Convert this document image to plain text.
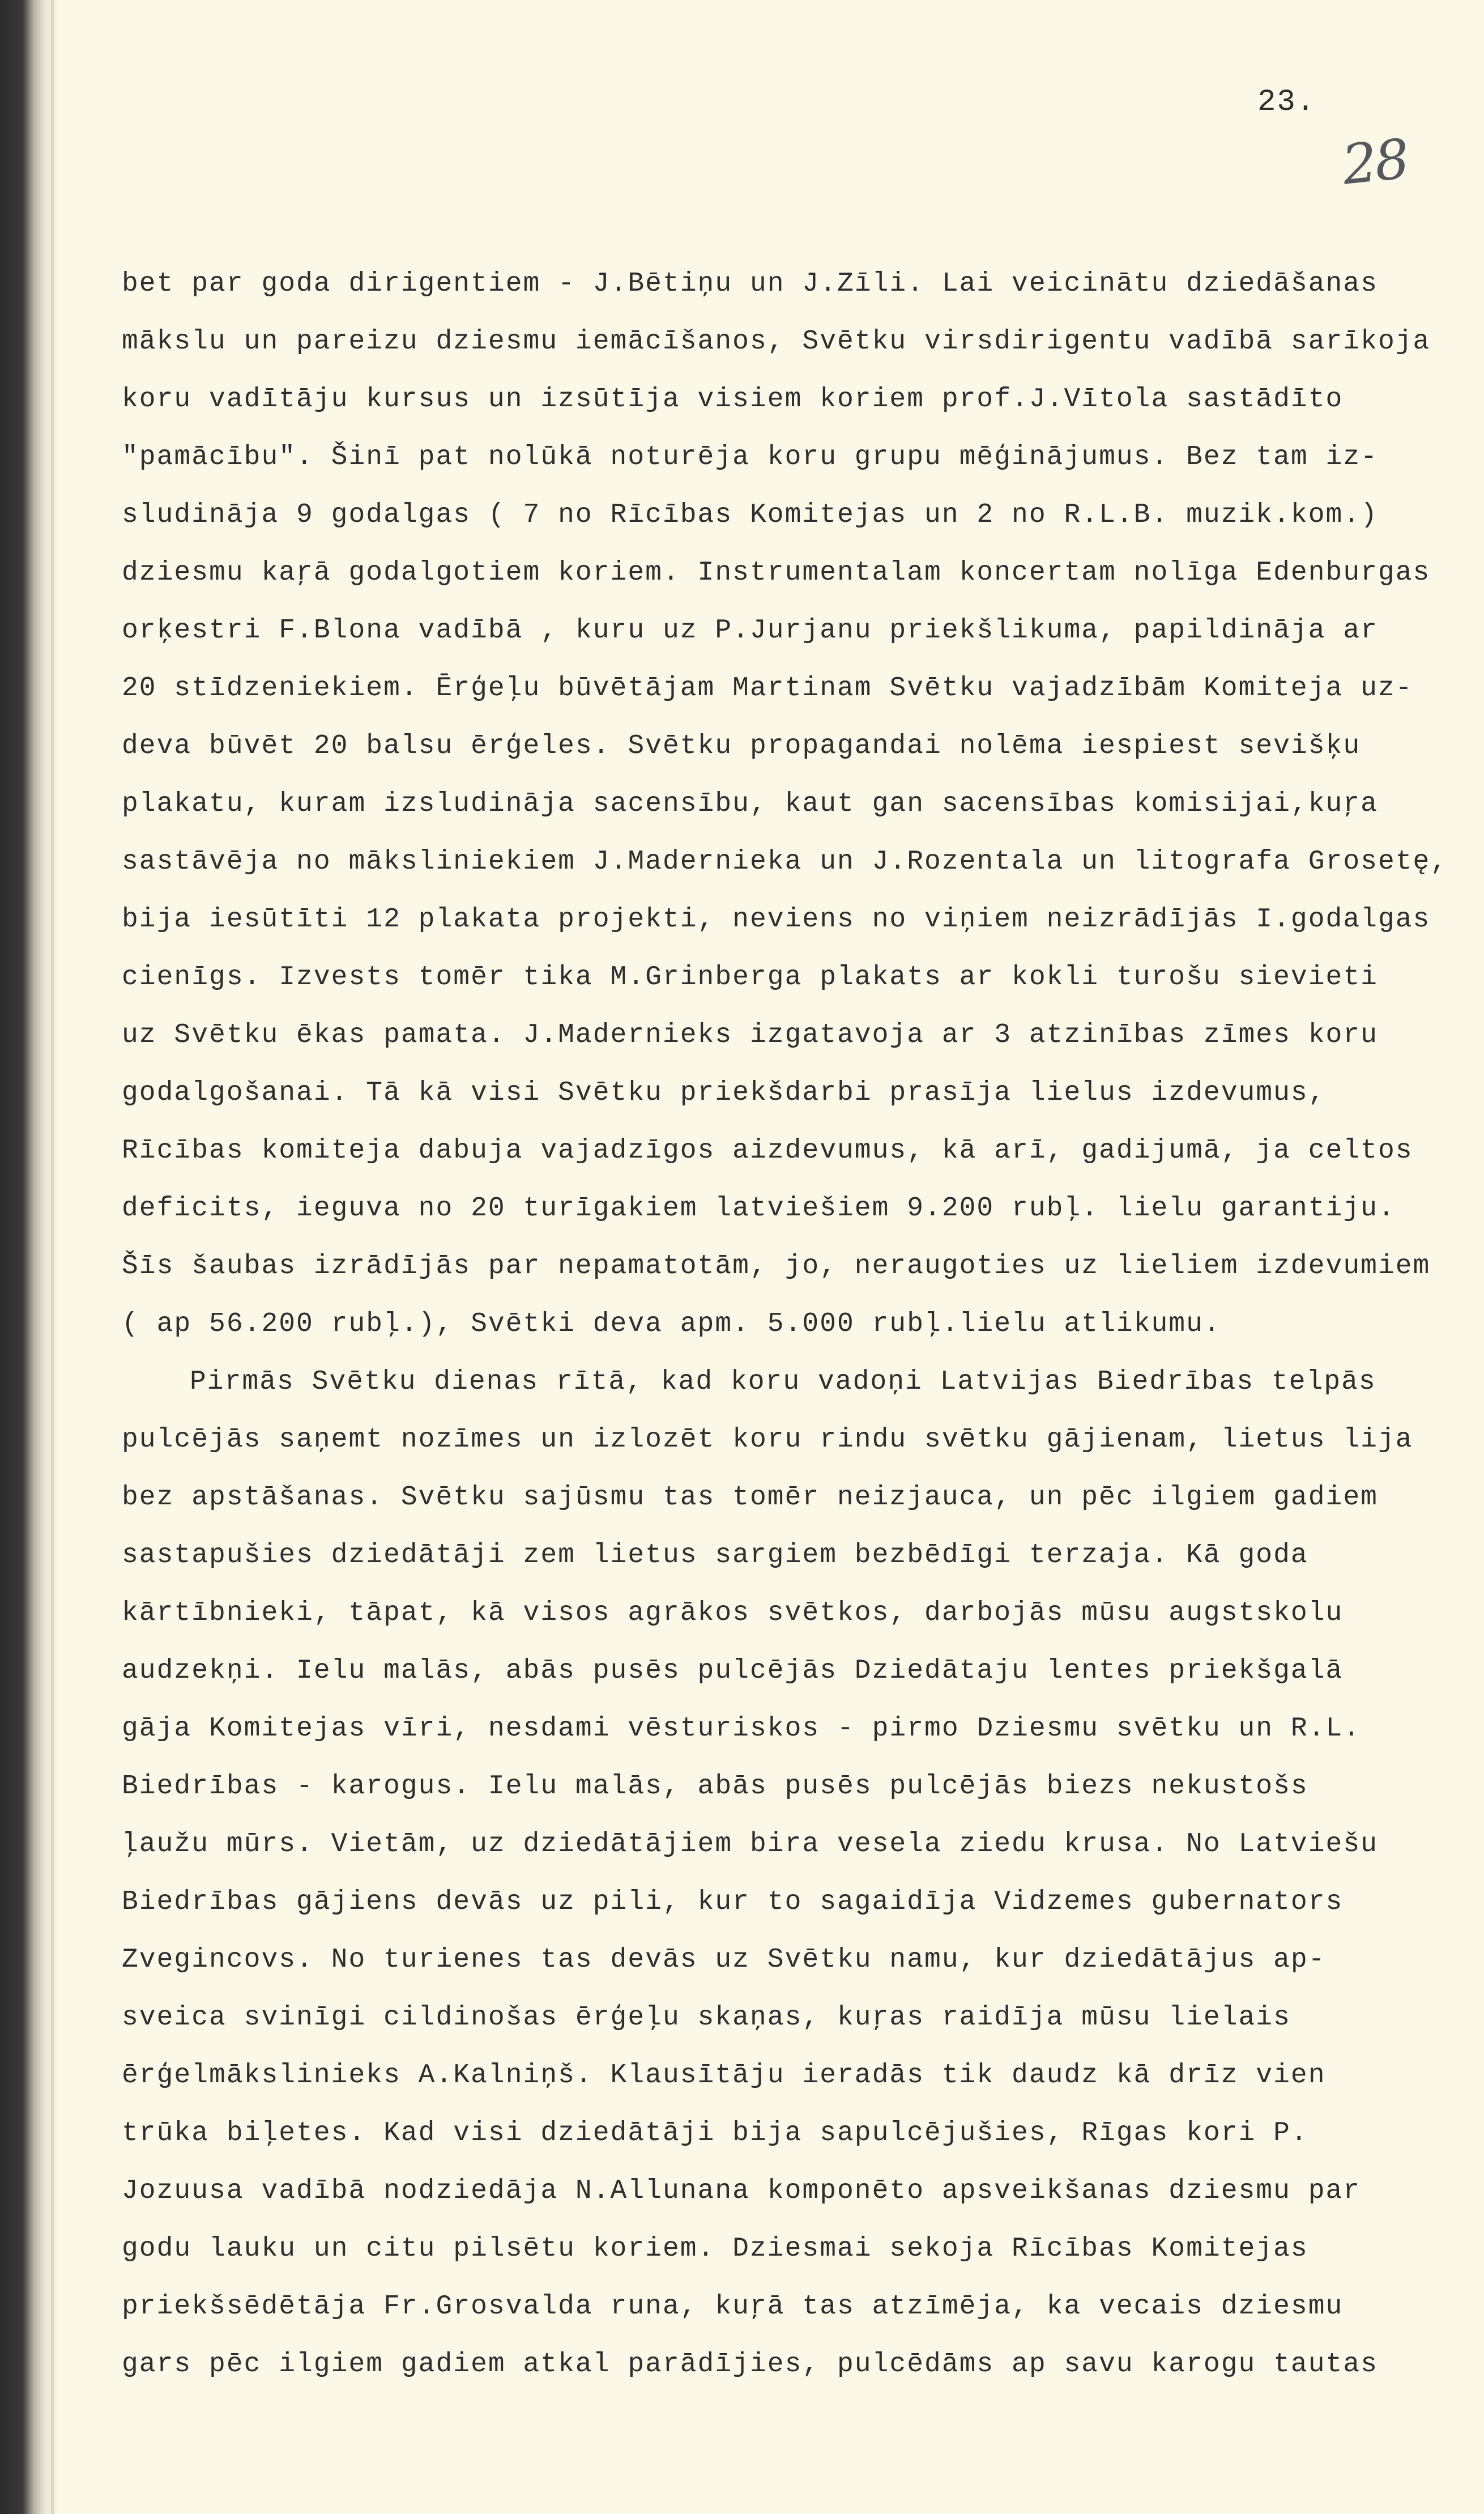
23.
28
bet par goda dirigentiem - J.Bētiņu un J.Zīli. Lai veicinātu dziedāšanas
mākslu un pareizu dziesmu iemācīšanos, Svētku virsdirigentu vadībā sarīkoja
koru vadītāju kursus un izsūtīja visiem koriem prof.J.Vītola sastādīto
"pamācību". Šinī pat nolūkā noturēja koru grupu mēģinājumus. Bez tam iz-
sludināja 9 godalgas ( 7 no Rīcības Komitejas un 2 no R.L.B. muzik.kom.)
dziesmu kaŗā godalgotiem koriem. Instrumentalam koncertam nolīga Edenburgas
orķestri F.Blona vadībā , kuru uz P.Jurjanu priekšlikuma, papildināja ar
20 stīdzeniekiem. Ērģeļu būvētājam Martinam Svētku vajadzībām Komiteja uz-
deva būvēt 20 balsu ērģeles. Svētku propagandai nolēma iespiest sevišķu
plakatu, kuram izsludināja sacensību, kaut gan sacensības komisijai,kuŗa
sastāvēja no māksliniekiem J.Madernieka un J.Rozentala un litografa Grosetę,
bija iesūtīti 12 plakata projekti, neviens no viņiem neizrādījās I.godalgas
cienīgs. Izvests tomēr tika M.Grinberga plakats ar kokli turošu sievieti
uz Svētku ēkas pamata. J.Madernieks izgatavoja ar 3 atzinības zīmes koru
godalgošanai. Tā kā visi Svētku priekšdarbi prasīja lielus izdevumus,
Rīcības komiteja dabuja vajadzīgos aizdevumus, kā arī, gadijumā, ja celtos
deficits, ieguva no 20 turīgakiem latviešiem 9.200 rubļ. lielu garantiju.
Šīs šaubas izrādījās par nepamatotām, jo, neraugoties uz lieliem izdevumiem
( ap 56.200 rubļ.), Svētki deva apm. 5.000 rubļ.lielu atlikumu.
Pirmās Svētku dienas rītā, kad koru vadoņi Latvijas Biedrības telpās
pulcējās saņemt nozīmes un izlozēt koru rindu svētku gājienam, lietus lija
bez apstāšanas. Svētku sajūsmu tas tomēr neizjauca, un pēc ilgiem gadiem
sastapušies dziedātāji zem lietus sargiem bezbēdīgi terzaja. Kā goda
kārtībnieki, tāpat, kā visos agrākos svētkos, darbojās mūsu augstskolu
audzekņi. Ielu malās, abās pusēs pulcējās Dziedātaju lentes priekšgalā
gāja Komitejas vīri, nesdami vēsturiskos - pirmo Dziesmu svētku un R.L.
Biedrības - karogus. Ielu malās, abās pusēs pulcējās biezs nekustošs
ļaužu mūrs. Vietām, uz dziedātājiem bira vesela ziedu krusa. No Latviešu
Biedrības gājiens devās uz pili, kur to sagaidīja Vidzemes gubernators
Zvegincovs. No turienes tas devās uz Svētku namu, kur dziedātājus ap-
sveica svinīgi cildinošas ērģeļu skaņas, kuŗas raidīja mūsu lielais
ērģelmākslinieks A.Kalniņš. Klausītāju ieradās tik daudz kā drīz vien
trūka biļetes. Kad visi dziedātāji bija sapulcējušies, Rīgas kori P.
Jozuusa vadībā nodziedāja N.Allunana komponēto apsveikšanas dziesmu par
godu lauku un citu pilsētu koriem. Dziesmai sekoja Rīcības Komitejas
priekšsēdētāja Fr.Grosvalda runa, kuŗā tas atzīmēja, ka vecais dziesmu
gars pēc ilgiem gadiem atkal parādījies, pulcēdāms ap savu karogu tautas
